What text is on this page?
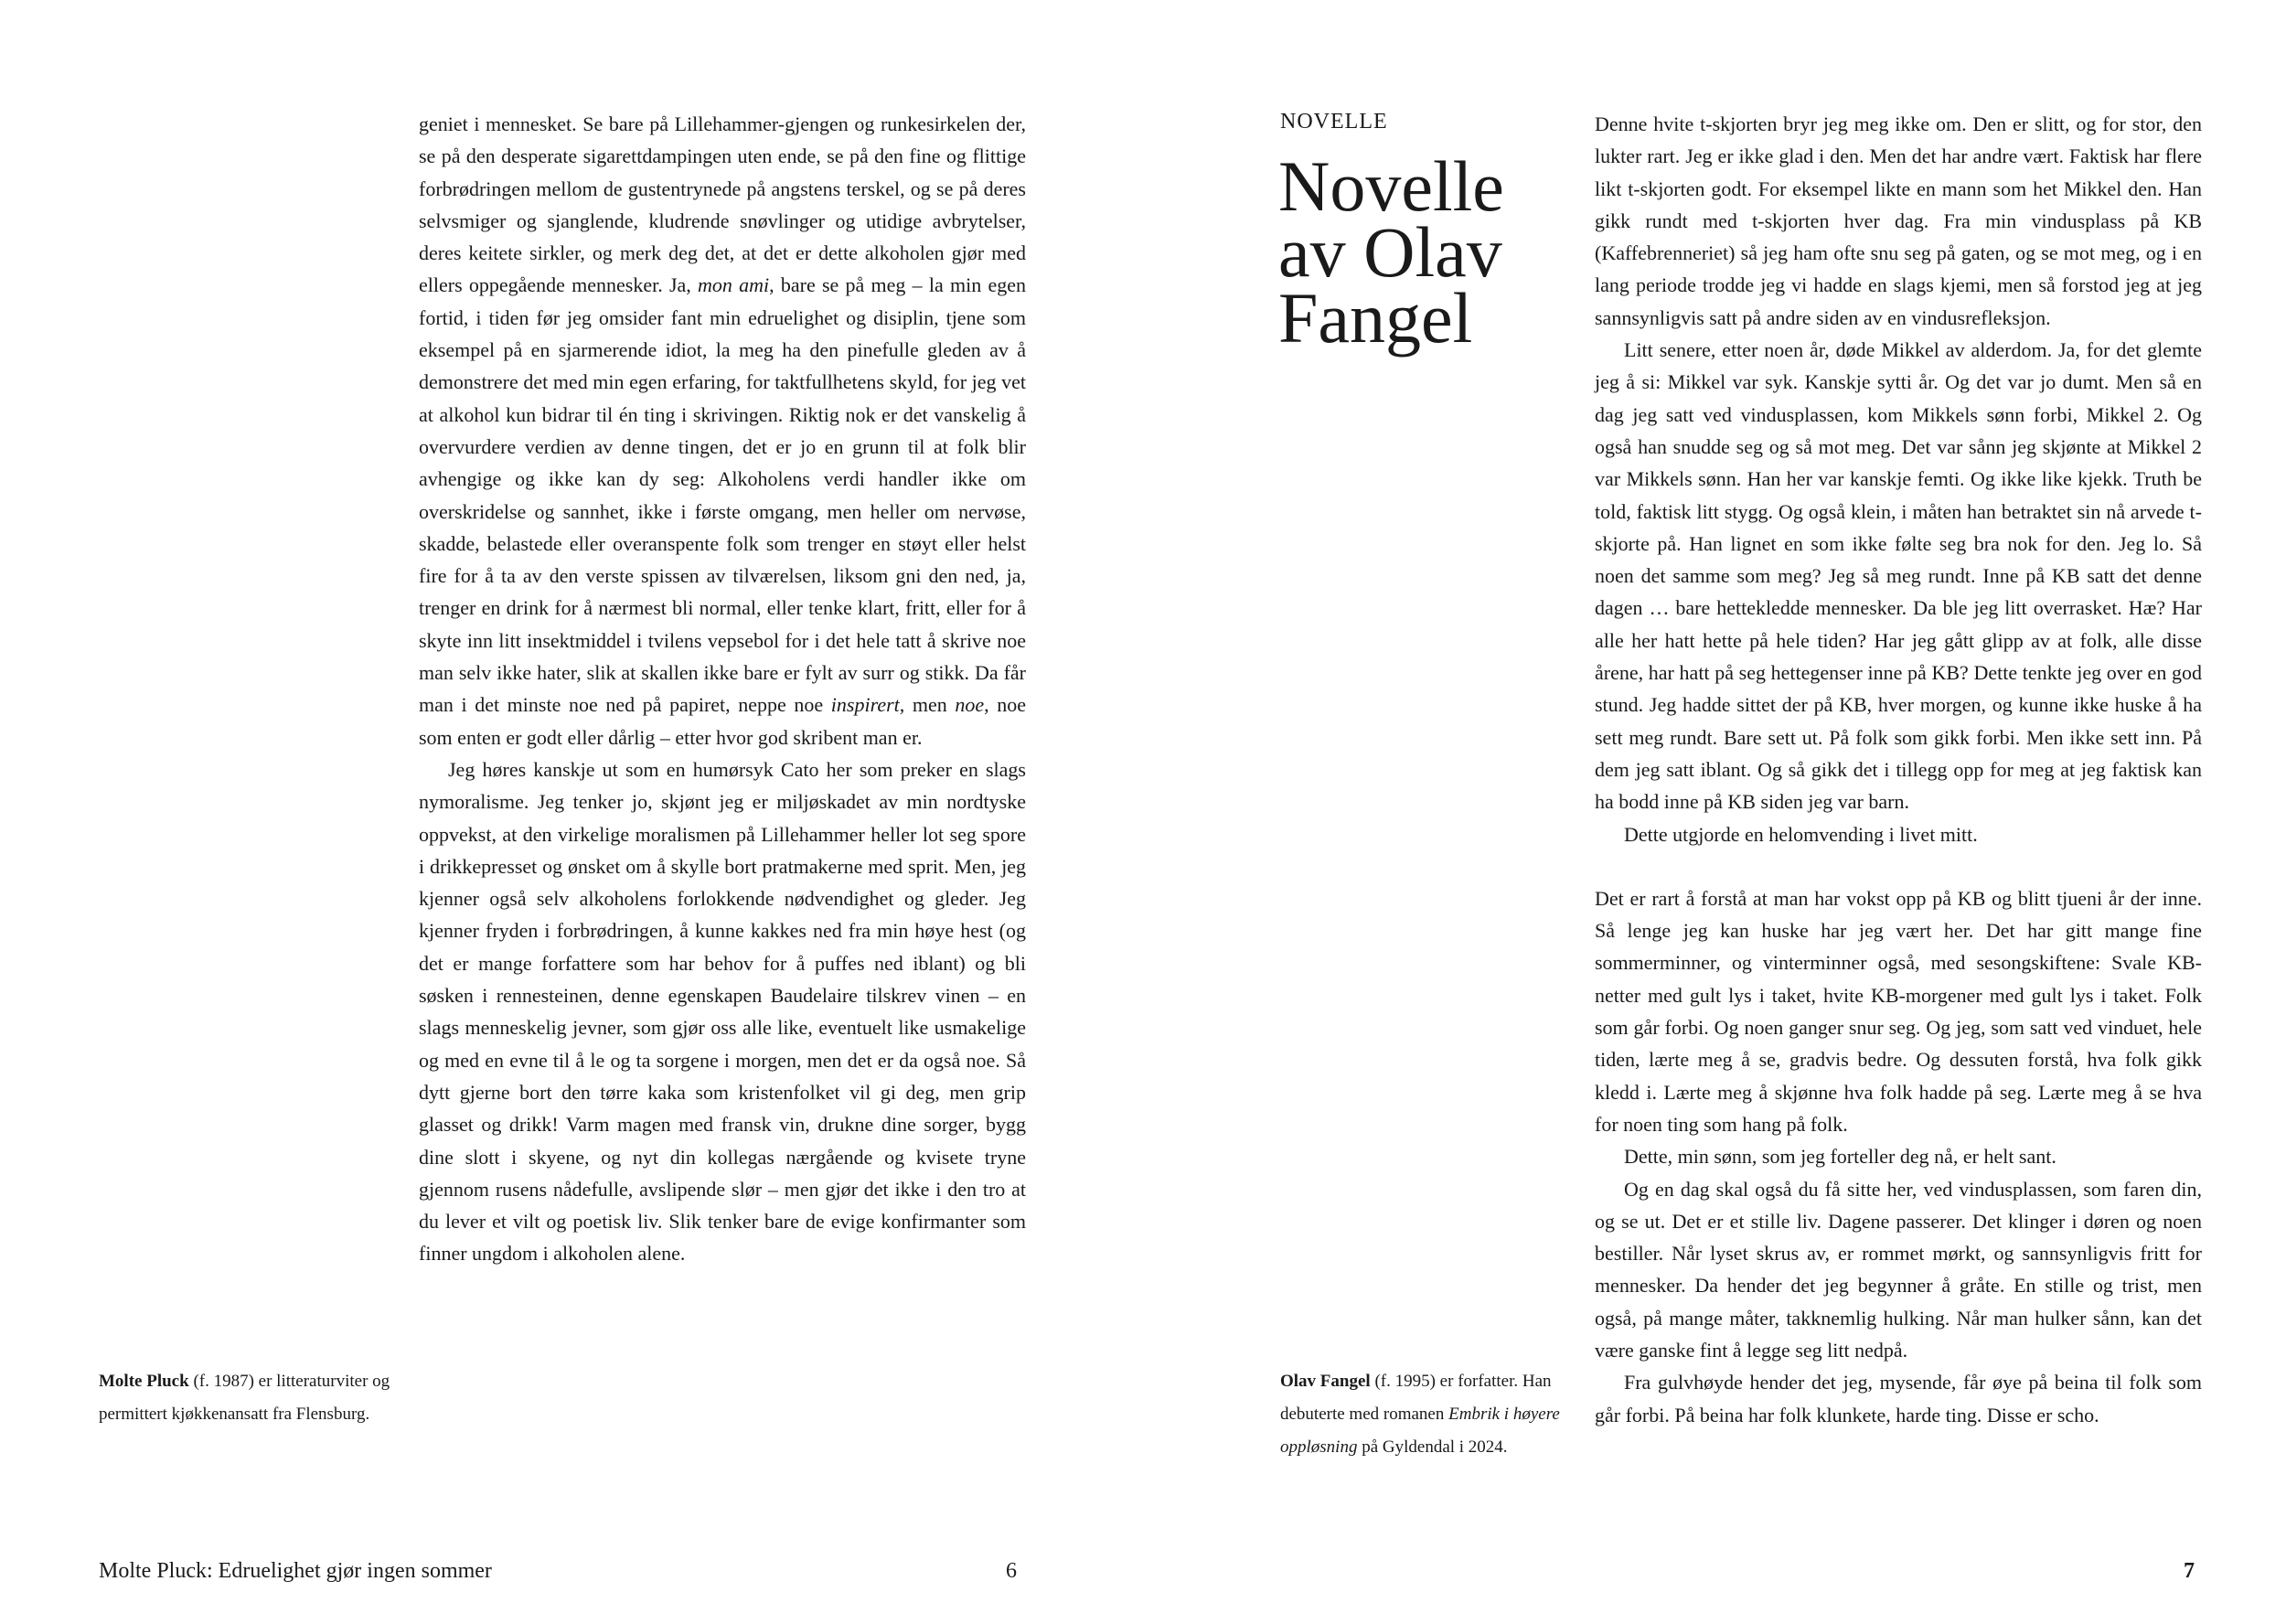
geniet i mennesket. Se bare på Lillehammer-gjengen og runkesirkelen der, se på den desperate sigarettdampingen uten ende, se på den fine og flittige forbrødringen mellom de gustentrynede på angstens terskel, og se på deres selvsmiger og sjanglende, kludrende snøvlinger og utidige avbrytelser, deres keitete sirkler, og merk deg det, at det er dette alkoholen gjør med ellers oppegående mennesker. Ja, mon ami, bare se på meg – la min egen fortid, i tiden før jeg omsider fant min edruelighet og disiplin, tjene som eksempel på en sjarmerende idiot, la meg ha den pinefulle gleden av å demonstrere det med min egen erfaring, for taktfullhetens skyld, for jeg vet at alkohol kun bidrar til én ting i skrivingen. Riktig nok er det vanskelig å overvurdere verdien av denne tingen, det er jo en grunn til at folk blir avhengige og ikke kan dy seg: Alkoholens verdi handler ikke om overskridelse og sannhet, ikke i første omgang, men heller om nervøse, skadde, belastede eller overanspente folk som trenger en støyt eller helst fire for å ta av den verste spissen av tilværelsen, liksom gni den ned, ja, trenger en drink for å nærmest bli normal, eller tenke klart, fritt, eller for å skyte inn litt insektmiddel i tvilens vepsebol for i det hele tatt å skrive noe man selv ikke hater, slik at skallen ikke bare er fylt av surr og stikk. Da får man i det minste noe ned på papiret, neppe noe inspirert, men noe, noe som enten er godt eller dårlig – etter hvor god skribent man er.

Jeg høres kanskje ut som en humørsyk Cato her som preker en slags nymoralisme. Jeg tenker jo, skjønt jeg er miljøskadet av min nordtyske oppvekst, at den virkelige moralismen på Lillehammer heller lot seg spore i drikkepresset og ønsket om å skylle bort pratmakerne med sprit. Men, jeg kjenner også selv alkoholens forlokkende nødvendighet og gleder. Jeg kjenner fryden i forbrødringen, å kunne kakkes ned fra min høye hest (og det er mange forfattere som har behov for å puffes ned iblant) og bli søsken i rennesteinen, denne egenskapen Baudelaire tilskrev vinen – en slags menneskelig jevner, som gjør oss alle like, eventuelt like usmakelige og med en evne til å le og ta sorgene i morgen, men det er da også noe. Så dytt gjerne bort den tørre kaka som kristenfolket vil gi deg, men grip glasset og drikk! Varm magen med fransk vin, drukne dine sorger, bygg dine slott i skyene, og nyt din kollegas nærgående og kvisete tryne gjennom rusens nådefulle, avslipende slør – men gjør det ikke i den tro at du lever et vilt og poetisk liv. Slik tenker bare de evige konfirmanter som finner ungdom i alkoholen alene.

Molte Pluck (f. 1987) er litteraturviter og permittert kjøkkenansatt fra Flensburg.
Molte Pluck: Edruelighet gjør ingen sommer	6
NOVELLE
Novelle av Olav Fangel
Olav Fangel (f. 1995) er forfatter. Han debuterte med romanen Embrik i høyere oppløsning på Gyldendal i 2024.

Denne hvite t-skjorten bryr jeg meg ikke om. Den er slitt, og for stor, den lukter rart. Jeg er ikke glad i den. Men det har andre vært. Faktisk har flere likt t-skjorten godt. For eksempel likte en mann som het Mikkel den. Han gikk rundt med t-skjorten hver dag. Fra min vindusplass på KB (Kaffebrenneriet) så jeg ham ofte snu seg på gaten, og se mot meg, og i en lang periode trodde jeg vi hadde en slags kjemi, men så forstod jeg at jeg sannsynligvis satt på andre siden av en vindusrefleksjon.

Litt senere, etter noen år, døde Mikkel av alderdom. Ja, for det glemte jeg å si: Mikkel var syk. Kanskje sytti år. Og det var jo dumt. Men så en dag jeg satt ved vindusplassen, kom Mikkels sønn forbi, Mikkel 2. Og også han snudde seg og så mot meg. Det var sånn jeg skjønte at Mikkel 2 var Mikkels sønn. Han her var kanskje femti. Og ikke like kjekk. Truth be told, faktisk litt stygg. Og også klein, i måten han betraktet sin nå arvede t-skjorte på. Han lignet en som ikke følte seg bra nok for den. Jeg lo. Så noen det samme som meg? Jeg så meg rundt. Inne på KB satt det denne dagen … bare hettekledde mennesker. Da ble jeg litt overrasket. Hæ? Har alle her hatt hette på hele tiden? Har jeg gått glipp av at folk, alle disse årene, har hatt på seg hettegenser inne på KB? Dette tenkte jeg over en god stund. Jeg hadde sittet der på KB, hver morgen, og kunne ikke huske å ha sett meg rundt. Bare sett ut. På folk som gikk forbi. Men ikke sett inn. På dem jeg satt iblant. Og så gikk det i tillegg opp for meg at jeg faktisk kan ha bodd inne på KB siden jeg var barn.

Dette utgjorde en helomvending i livet mitt.

Det er rart å forstå at man har vokst opp på KB og blitt tjueni år der inne. Så lenge jeg kan huske har jeg vært her. Det har gitt mange fine sommerminner, og vinterminner også, med sesongskiftene: Svale KB-netter med gult lys i taket, hvite KB-morgener med gult lys i taket. Folk som går forbi. Og noen ganger snur seg. Og jeg, som satt ved vinduet, hele tiden, lærte meg å se, gradvis bedre. Og dessuten forstå, hva folk gikk kledd i. Lærte meg å skjønne hva folk hadde på seg. Lærte meg å se hva for noen ting som hang på folk.

Dette, min sønn, som jeg forteller deg nå, er helt sant.

Og en dag skal også du få sitte her, ved vindusplassen, som faren din, og se ut. Det er et stille liv. Dagene passerer. Det klinger i døren og noen bestiller. Når lyset skrus av, er rommet mørkt, og sannsynligvis fritt for mennesker. Da hender det jeg begynner å gråte. En stille og trist, men også, på mange måter, takknemlig hulking. Når man hulker sånn, kan det være ganske fint å legge seg litt nedpå.

Fra gulvhøyde hender det jeg, mysende, får øye på beina til folk som går forbi. På beina har folk klunkete, harde ting. Disse er scho.

7
